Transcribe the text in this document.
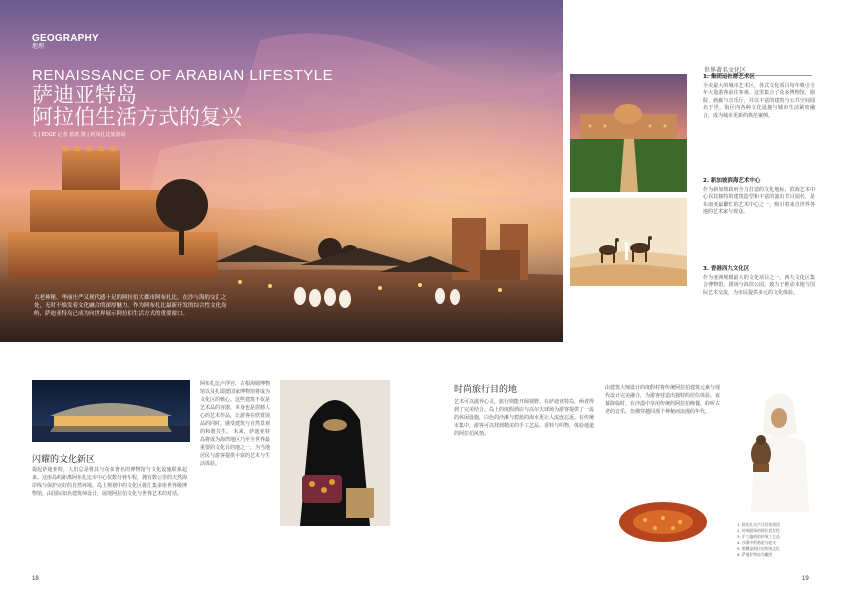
GEOGRAPHY
地理
RENAISSANCE OF ARABIAN LIFESTYLE
萨迪亚特岛
阿拉伯生活方式的复兴
文 | EDGE 记者 蓝蓝 图 | 阿布扎比旅游局
古老神秘、华丽庄严又现代感十足的阿拉伯大都市阿布扎比，在沙与海的交汇之处，无时不焕发着文化融合的深厚魅力。作为阿布扎比最新开发的综合性文化岛屿，萨迪亚特岛已成为向世界展示阿拉伯生活方式的重要窗口。
世界著名文化区
1. 集团运社群艺术区
全美最大的城市艺术区，各式文化项目每年吸引全年大量游客前往参观。这里集合了众多博物馆、剧院、画廊与音乐厅，并以丰富的建筑与公共空间闻名于世。街区内各种文化设施与城市生活紧密融合，成为城市更新的典范案例。
2. 新加坡滨海艺术中心
作为新加坡政府全力打造的文化地标，滨海艺术中心以其独特的建筑造型和丰富的演出节目闻名，是东南亚最繁忙的艺术中心之一，吸引着来自世界各地的艺术家与观众。
3. 香港西九文化区
作为亚洲规模最大的文化项目之一，西九文化区集合博物馆、剧场与海滨公园，致力于推动本地与国际艺术交流，为市民提供多元的文化体验。
闪耀的文化新区
提起萨迪亚特，人们总是将其与众多著名的博物馆与文化设施联系起来。这座岛屿距离阿布扎比市中心仅数分钟车程，拥有数公里的天然海岸线与保护完好的自然环境。岛上规划中的文化区将汇集多座世界级博物馆，由国际知名建筑师设计，展现阿拉伯文化与世界艺术的对话。
阿布扎比卢浮宫、古根海姆博物馆以及扎耶德国家博物馆将成为文化区的核心。这些建筑不仅是艺术品的容器，本身也是震撼人心的艺术作品，让游客在欣赏展品的同时，感受建筑与自然景观的和谐共生。 未来，萨迪亚特岛将成为海湾地区乃至全世界最重要的文化目的地之一，为当地居民与游客提供丰富的艺术与生活体验。
时尚旅行目的地
艺术可以滋养心灵，旅行则能开阔视野。在萨迪亚特岛，两者得到了完美结合。岛上的度假酒店与高尔夫球场为游客提供了一流的休闲设施，白色的沙滩与碧蓝的海水更让人流连忘返。在传统市集中，游客可以找到精美的手工艺品、香料与织物，体验地道的阿拉伯风情。
由建筑大师设计的度假村将传统阿拉伯建筑元素与现代设计完美融合，为游客营造出独特的居住体验。夜幕降临时，在沙漠中享用传统的阿拉伯晚餐，聆听古老的音乐，仿佛穿越回那个神秘而浪漫的年代。
1. 阿布扎比卢浮宫效果图
2. 传统服饰的阿拉伯女性
3. 手工编织的传统工艺品
4. 沙漠中的骆驼与驼夫
5. 驯鹰是阿拉伯传统文化
6. 萨迪亚特岛鸟瞰图
18	19
